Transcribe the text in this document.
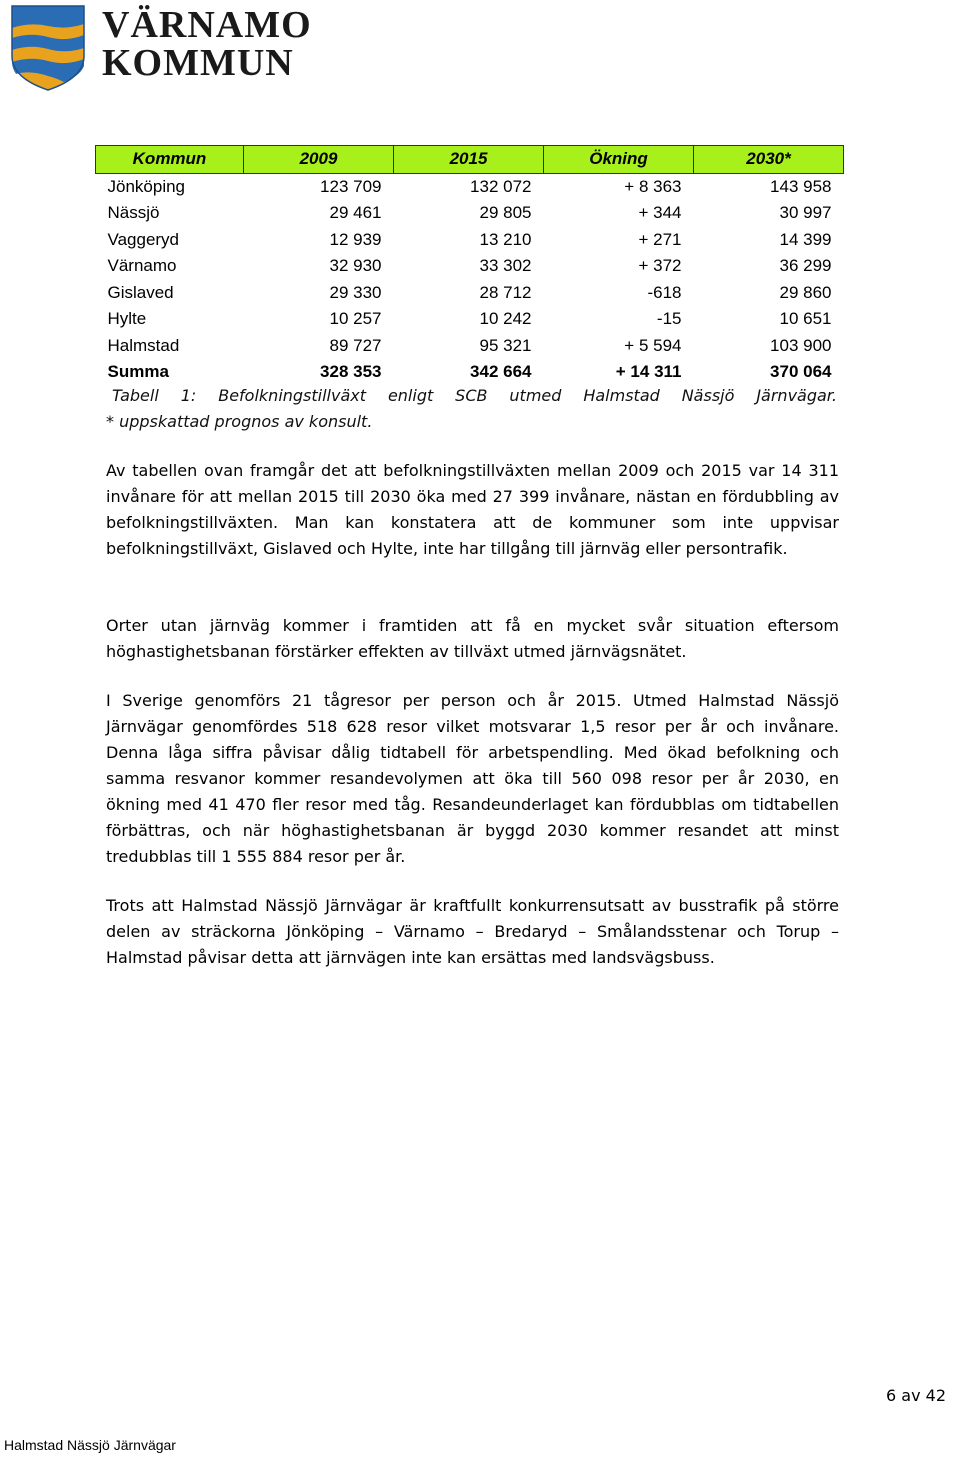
VÄRNAMO
KOMMUN
Kommun	2009	2015	Ökning	2030*
Jönköping	123 709	132 072	+ 8 363	143 958
Nässjö	29 461	29 805	+ 344	30 997
Vaggeryd	12 939	13 210	+ 271	14 399
Värnamo	32 930	33 302	+ 372	36 299
Gislaved	29 330	28 712	-618	29 860
Hylte	10 257	10 242	-15	10 651
Halmstad	89 727	95 321	+ 5 594	103 900
Summa	328 353	342 664	+ 14 311	370 064
Tabell 1: Befolkningstillväxt enligt SCB utmed Halmstad Nässjö Järnvägar.
* uppskattad prognos av konsult.

Av tabellen ovan framgår det att befolkningstillväxten mellan 2009 och 2015 var 14 311 invånare för att mellan 2015 till 2030 öka med 27 399 invånare, nästan en fördubbling av befolkningstillväxten. Man kan konstatera att de kommuner som inte uppvisar befolkningstillväxt, Gislaved och Hylte, inte har tillgång till järnväg eller persontrafik.

Orter utan järnväg kommer i framtiden att få en mycket svår situation eftersom höghastighetsbanan förstärker effekten av tillväxt utmed järnvägsnätet.

I Sverige genomförs 21 tågresor per person och år 2015. Utmed Halmstad Nässjö Järnvägar genomfördes 518 628 resor vilket motsvarar 1,5 resor per år och invånare. Denna låga siffra påvisar dålig tidtabell för arbetspendling. Med ökad befolkning och samma resvanor kommer resandevolymen att öka till 560 098 resor per år 2030, en ökning med 41 470 fler resor med tåg. Resandeunderlaget kan fördubblas om tidtabellen förbättras, och när höghastighetsbanan är byggd 2030 kommer resandet att minst tredubblas till 1 555 884 resor per år.

Trots att Halmstad Nässjö Järnvägar är kraftfullt konkurrensutsatt av busstrafik på större delen av sträckorna Jönköping – Värnamo – Bredaryd – Smålandsstenar och Torup – Halmstad påvisar detta att järnvägen inte kan ersättas med landsvägsbuss.

6 av 42
Halmstad Nässjö Järnvägar
